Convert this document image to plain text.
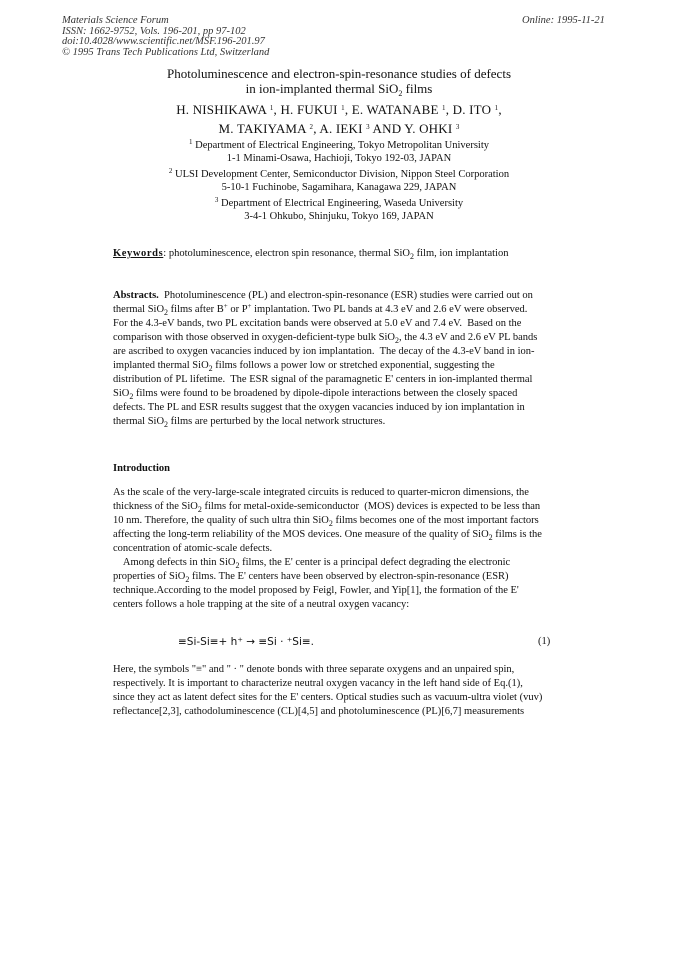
Materials Science Forum
ISSN: 1662-9752, Vols. 196-201, pp 97-102
doi:10.4028/www.scientific.net/MSF.196-201.97
© 1995 Trans Tech Publications Ltd, Switzerland
Online: 1995-11-21
Photoluminescence and electron-spin-resonance studies of defects
in ion-implanted thermal SiO$_2$ films
H. NISHIKAWA $^1$, H. FUKUI $^1$, E. WATANABE $^1$, D. ITO $^1$,
M. TAKIYAMA $^2$, A. IEKI $^3$ AND Y. OHKI $^3$
$^1$ Department of Electrical Engineering, Tokyo Metropolitan University
1-1 Minami-Osawa, Hachioji, Tokyo 192-03, JAPAN
$^2$ ULSI Development Center, Semiconductor Division, Nippon Steel Corporation
5-10-1 Fuchinobe, Sagamihara, Kanagawa 229, JAPAN
$^3$ Department of Electrical Engineering, Waseda University
3-4-1 Ohkubo, Shinjuku, Tokyo 169, JAPAN
Keywords: photoluminescence, electron spin resonance, thermal SiO$_2$ film, ion implantation
Abstracts.  Photoluminescence (PL) and electron-spin-resonance (ESR) studies were carried out on
thermal SiO$_2$ films after B+ or P+ implantation. Two PL bands at 4.3 eV and 2.6 eV were observed.
For the 4.3-eV bands, two PL excitation bands were observed at 5.0 eV and 7.4 eV.  Based on the
comparison with those observed in oxygen-deficient-type bulk SiO$_2$, the 4.3 eV and 2.6 eV PL bands
are ascribed to oxygen vacancies induced by ion implantation.  The decay of the 4.3-eV band in ion-
implanted thermal SiO$_2$ films follows a power low or stretched exponential, suggesting the
distribution of PL lifetime.  The ESR signal of the paramagnetic E' centers in ion-implanted thermal
SiO$_2$ films were found to be broadened by dipole-dipole interactions between the closely spaced
defects. The PL and ESR results suggest that the oxygen vacancies induced by ion implantation in
thermal SiO$_2$ films are perturbed by the local network structures.
Introduction
As the scale of the very-large-scale integrated circuits is reduced to quarter-micron dimensions, the
thickness of the SiO$_2$ films for metal-oxide-semiconductor  (MOS) devices is expected to be less than
10 nm. Therefore, the quality of such ultra thin SiO$_2$ films becomes one of the most important factors
affecting the long-term reliability of the MOS devices. One measure of the quality of SiO$_2$ films is the
concentration of atomic-scale defects.
Among defects in thin SiO$_2$ films, the E' center is a principal defect degrading the electronic
properties of SiO$_2$ films. The E' centers have been observed by electron-spin-resonance (ESR)
technique.According to the model proposed by Feigl, Fowler, and Yip[1], the formation of the E'
centers follows a hole trapping at the site of a neutral oxygen vacancy:
≡Si-Si≡+ h⁺ → ≡Si · ⁺Si≡.	(1)
Here, the symbols "≡" and " · " denote bonds with three separate oxygens and an unpaired spin,
respectively. It is important to characterize neutral oxygen vacancy in the left hand side of Eq.(1),
since they act as latent defect sites for the E' centers. Optical studies such as vacuum-ultra violet (vuv)
reflectance[2,3], cathodoluminescence (CL)[4,5] and photoluminescence (PL)[6,7] measurements
